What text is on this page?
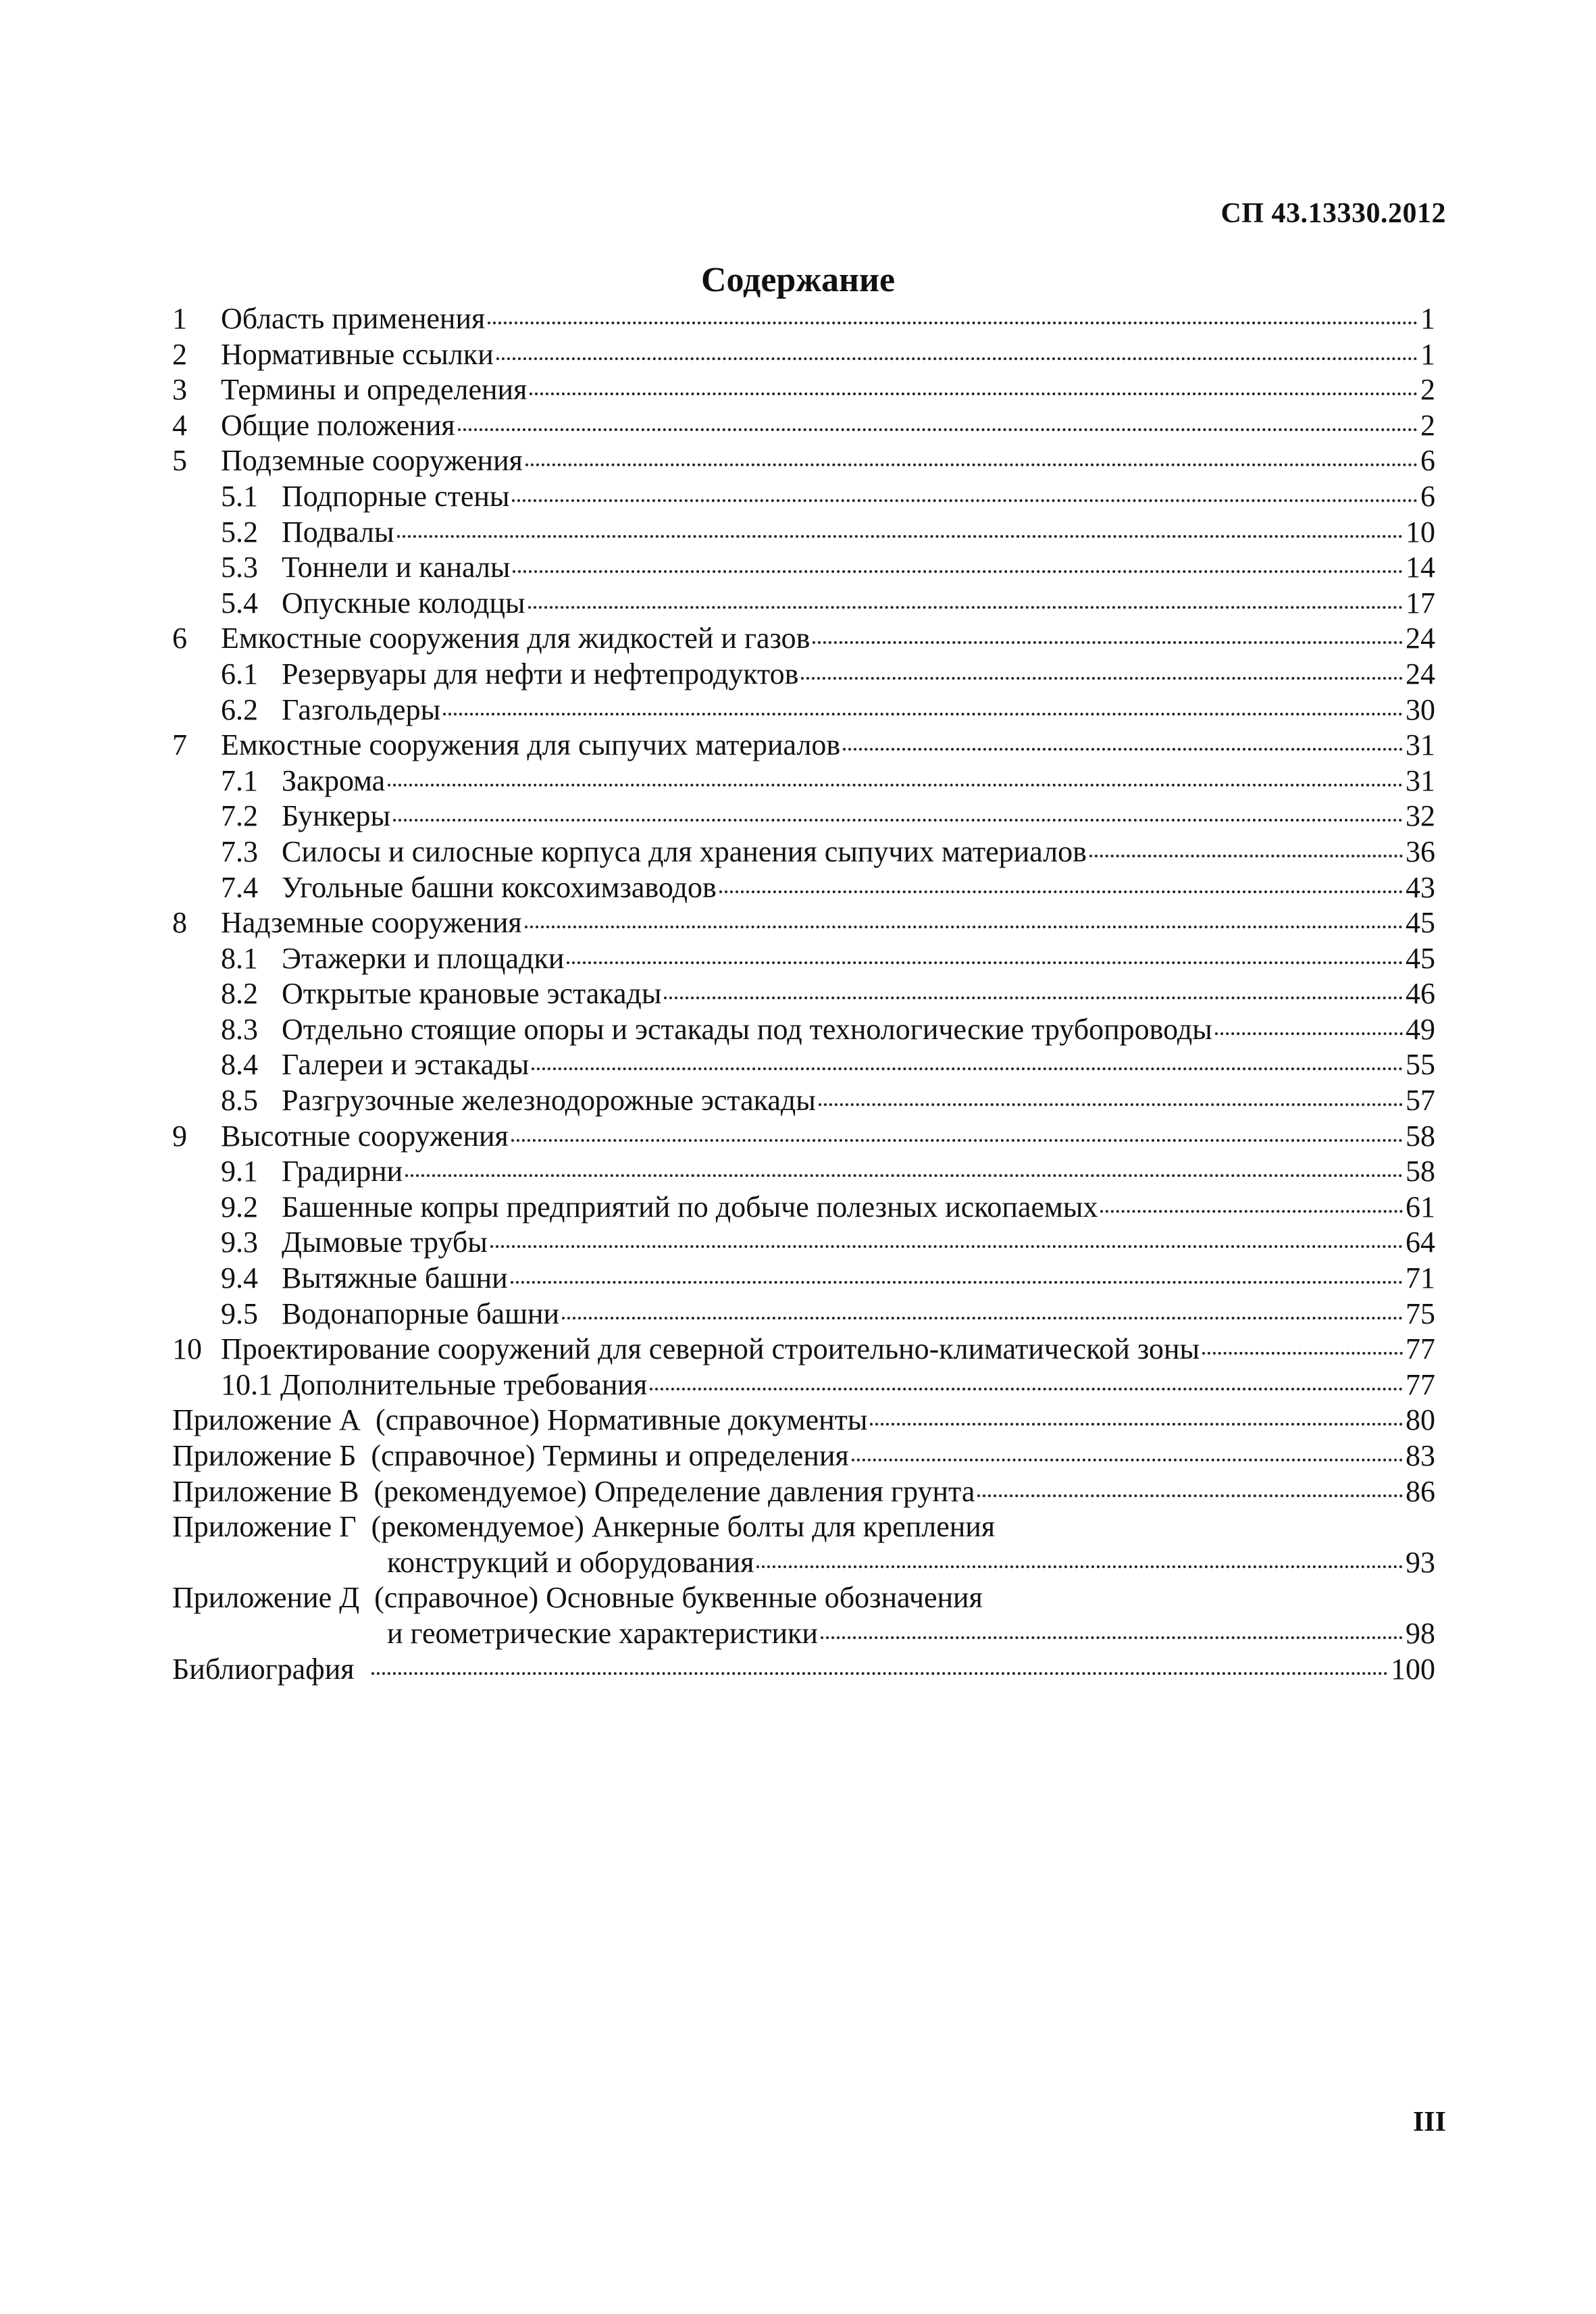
СП 43.13330.2012
Содержание
1	Область применения	1
2	Нормативные ссылки	1
3	Термины и определения	2
4	Общие положения	2
5	Подземные сооружения	6
5.1 Подпорные стены	6
5.2 Подвалы	10
5.3 Тоннели и каналы	14
5.4 Опускные колодцы	17
6	Емкостные сооружения для жидкостей и газов	24
6.1 Резервуары для нефти и нефтепродуктов	24
6.2 Газгольдеры	30
7	Емкостные сооружения для сыпучих материалов	31
7.1 Закрома	31
7.2 Бункеры	32
7.3 Силосы и силосные корпуса для хранения сыпучих материалов	36
7.4 Угольные башни коксохимзаводов	43
8	Надземные сооружения	45
8.1 Этажерки и площадки	45
8.2 Открытые крановые эстакады	46
8.3 Отдельно стоящие опоры и эстакады под технологические трубопроводы	49
8.4 Галереи и эстакады	55
8.5 Разгрузочные железнодорожные эстакады	57
9	Высотные сооружения	58
9.1 Градирни	58
9.2 Башенные копры предприятий по добыче полезных ископаемых	61
9.3 Дымовые трубы	64
9.4 Вытяжные башни	71
9.5 Водонапорные башни	75
10 Проектирование сооружений для северной строительно-климатической зоны	77
10.1 Дополнительные требования	77
Приложение А (справочное) Нормативные документы	80
Приложение Б (справочное) Термины и определения	83
Приложение В (рекомендуемое) Определение давления грунта	86
Приложение Г (рекомендуемое) Анкерные болты для крепления
конструкций и оборудования	93
Приложение Д (справочное) Основные буквенные обозначения
и геометрические характеристики	98
Библиография	100
III
